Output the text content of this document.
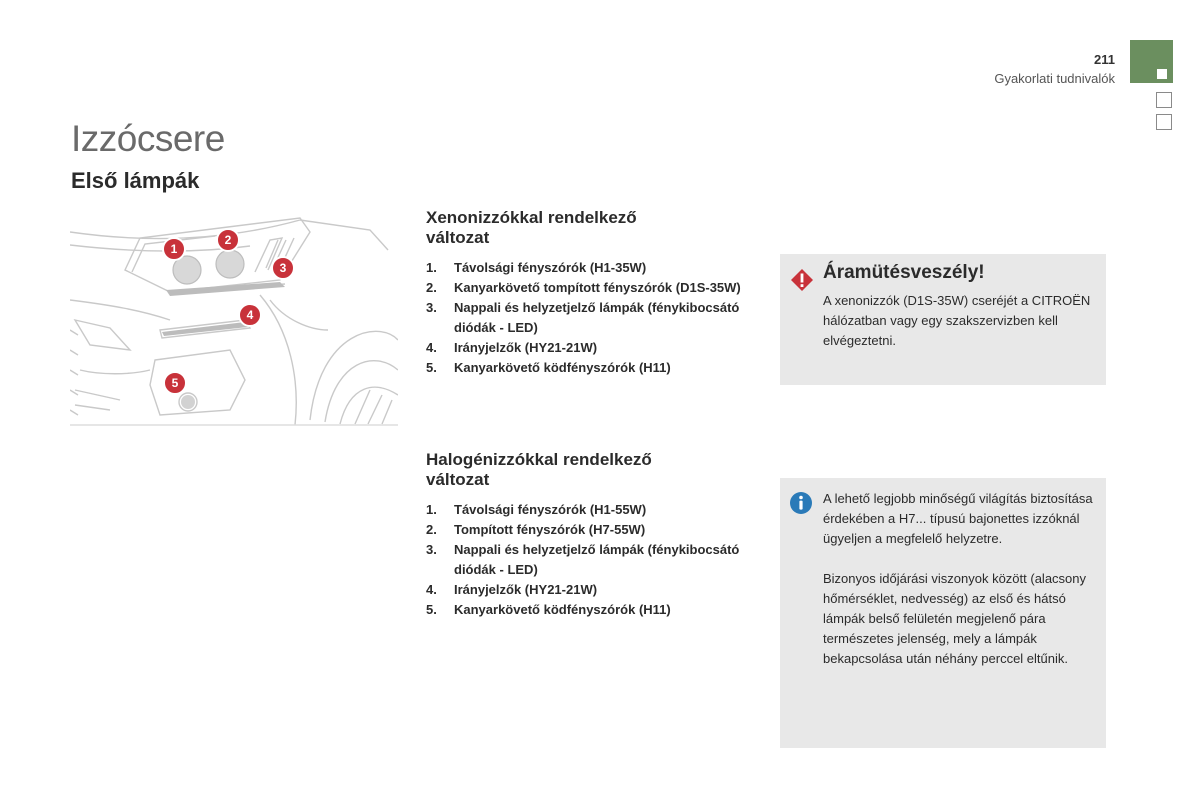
211
Gyakorlati tudnivalók
Izzócsere
Első lámpák
1
2
3
4
5
Xenonizzókkal rendelkező
változat
1.	Távolsági fényszórók (H1-35W)
2.	Kanyarkövető tompított fényszórók (D1S-35W)
3.	Nappali és helyzetjelző lámpák (fénykibocsátó diódák - LED)
4.	Irányjelzők (HY21-21W)
5.	Kanyarkövető ködfényszórók (H11)
Halogénizzókkal rendelkező
változat
1.	Távolsági fényszórók (H1-55W)
2.	Tompított fényszórók (H7-55W)
3.	Nappali és helyzetjelző lámpák (fénykibocsátó diódák - LED)
4.	Irányjelzők (HY21-21W)
5.	Kanyarkövető ködfényszórók (H11)
Áramütésveszély!
A xenonizzók (D1S-35W) cseréjét a CITROËN hálózatban vagy egy szakszervizben kell elvégeztetni.

A lehető legjobb minőségű világítás biztosítása érdekében a H7... típusú bajonettes izzóknál ügyeljen a megfelelő helyzetre.

Bizonyos időjárási viszonyok között (alacsony hőmérséklet, nedvesség) az első és hátsó lámpák belső felületén megjelenő pára természetes jelenség, mely a lámpák bekapcsolása után néhány perccel eltűnik.
